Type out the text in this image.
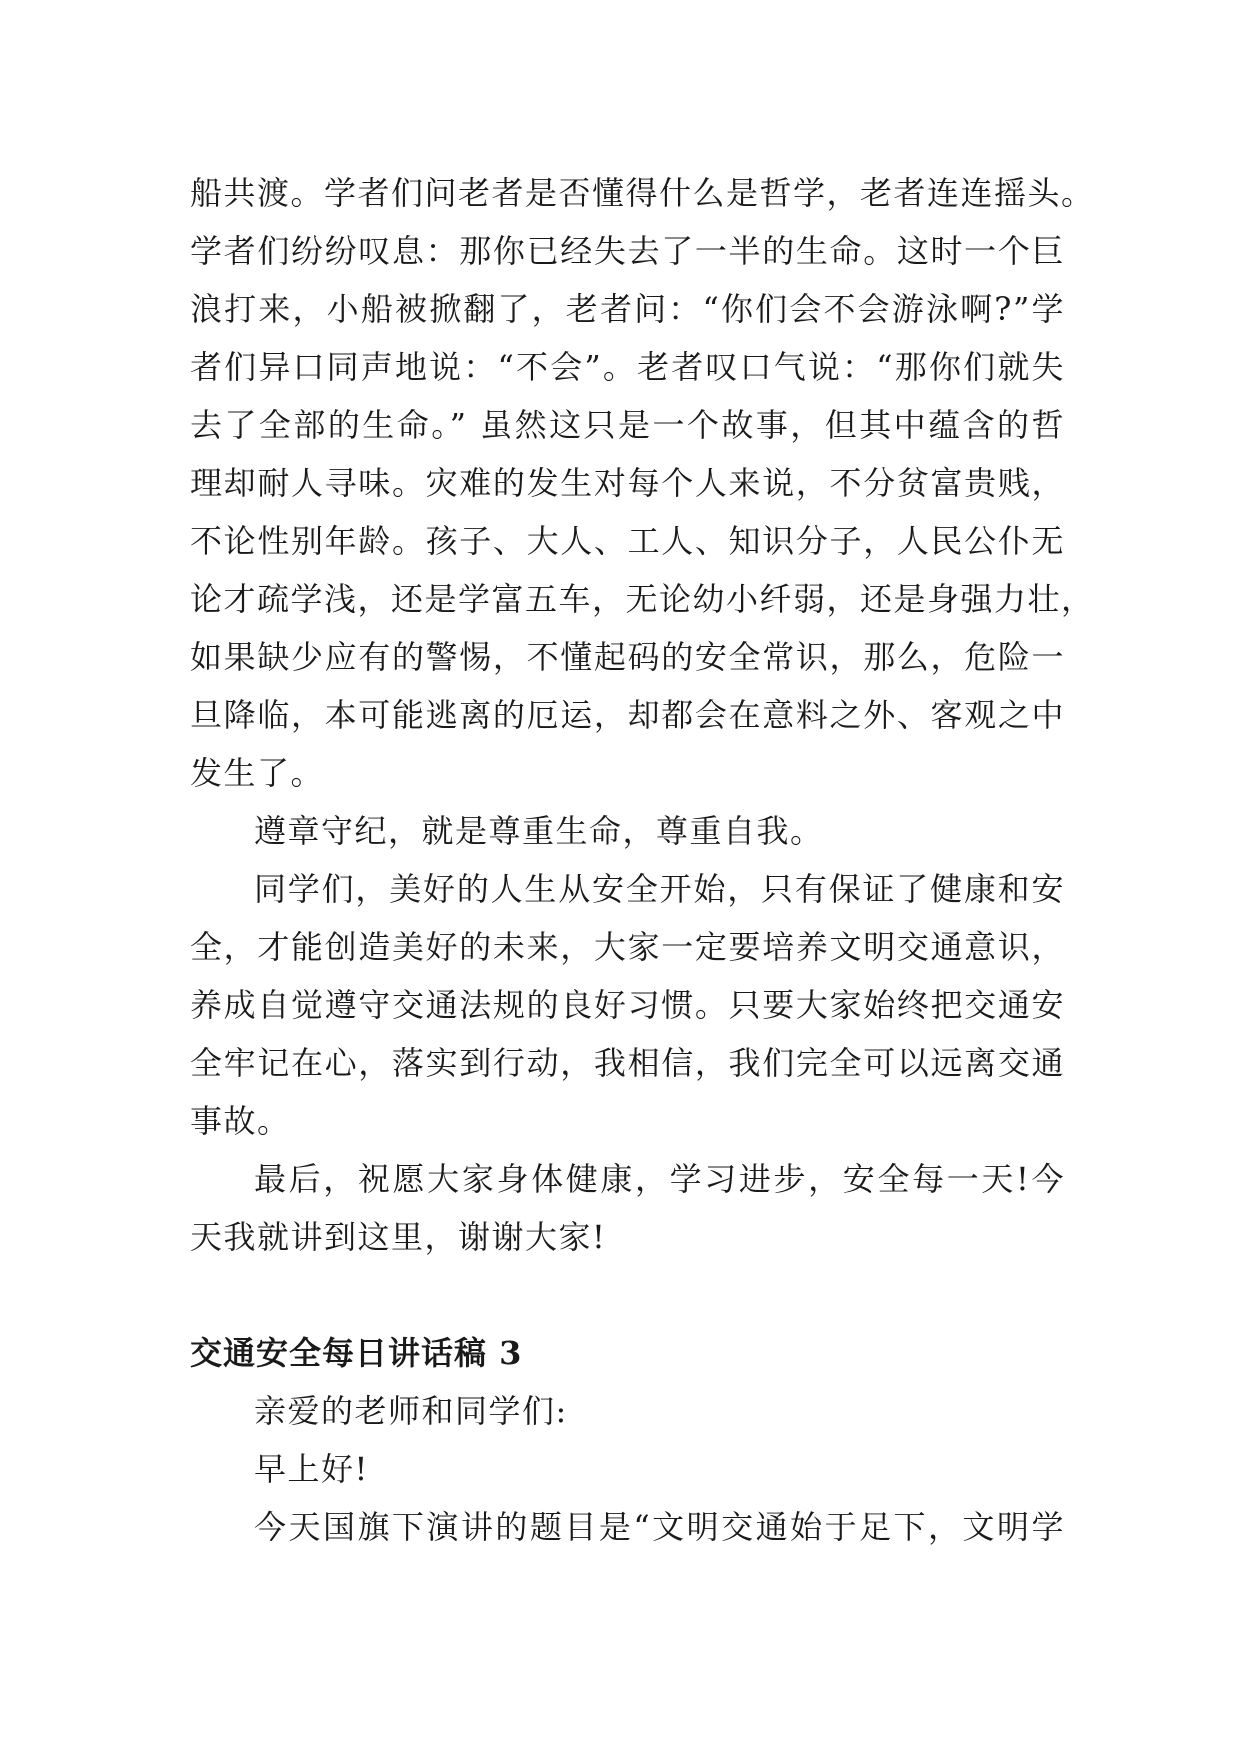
船共渡。学者们问老者是否懂得什么是哲学，老者连连摇头。
学者们纷纷叹息：那你已经失去了一半的生命。这时一个巨
浪打来，小船被掀翻了，老者问：“你们会不会游泳啊?”学
者们异口同声地说：“不会”。老者叹口气说：“那你们就失
去了全部的生命。” 虽然这只是一个故事，但其中蕴含的哲
理却耐人寻味。灾难的发生对每个人来说，不分贫富贵贱，
不论性别年龄。孩子、大人、工人、知识分子，人民公仆无
论才疏学浅，还是学富五车，无论幼小纤弱，还是身强力壮，
如果缺少应有的警惕，不懂起码的安全常识，那么，危险一
旦降临，本可能逃离的厄运，却都会在意料之外、客观之中
发生了。

遵章守纪，就是尊重生命，尊重自我。

同学们，美好的人生从安全开始，只有保证了健康和安
全，才能创造美好的未来，大家一定要培养文明交通意识，
养成自觉遵守交通法规的良好习惯。只要大家始终把交通安
全牢记在心，落实到行动，我相信，我们完全可以远离交通
事故。

最后，祝愿大家身体健康，学习进步，安全每一天!今
天我就讲到这里，谢谢大家!

交通安全每日讲话稿 3

亲爱的老师和同学们:

早上好!

今天国旗下演讲的题目是“文明交通始于足下，文明学
